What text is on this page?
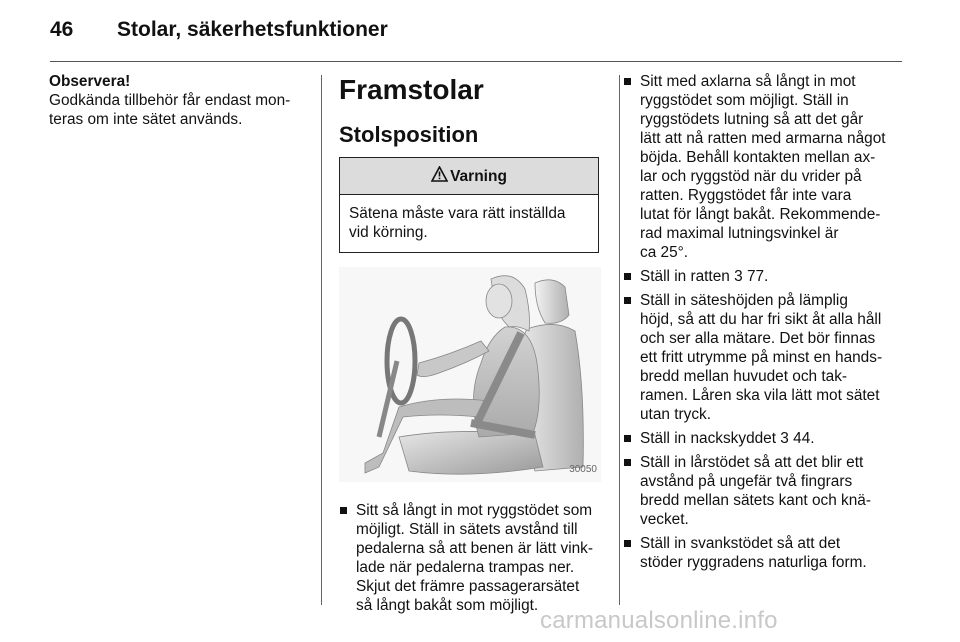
46 Stolar, säkerhetsfunktioner
Observera!
Godkända tillbehör får endast mon-
teras om inte sätet används.
Framstolar
Stolsposition
Varning
Sätena måste vara rätt inställda
vid körning.
30050
Sitt så långt in mot ryggstödet som
möjligt. Ställ in sätets avstånd till
pedalerna så att benen är lätt vink-
lade när pedalerna trampas ner.
Skjut det främre passagerarsätet
så långt bakåt som möjligt.
Sitt med axlarna så långt in mot
ryggstödet som möjligt. Ställ in
ryggstödets lutning så att det går
lätt att nå ratten med armarna något
böjda. Behåll kontakten mellan ax-
lar och ryggstöd när du vrider på
ratten. Ryggstödet får inte vara
lutat för långt bakåt. Rekommende-
rad maximal lutningsvinkel är
ca 25°.
Ställ in ratten 3 77.
Ställ in säteshöjden på lämplig
höjd, så att du har fri sikt åt alla håll
och ser alla mätare. Det bör finnas
ett fritt utrymme på minst en hands-
bredd mellan huvudet och tak-
ramen. Låren ska vila lätt mot sätet
utan tryck.
Ställ in nackskyddet 3 44.
Ställ in lårstödet så att det blir ett
avstånd på ungefär två fingrars
bredd mellan sätets kant och knä-
vecket.
Ställ in svankstödet så att det
stöder ryggradens naturliga form.
carmanualsonline.info
